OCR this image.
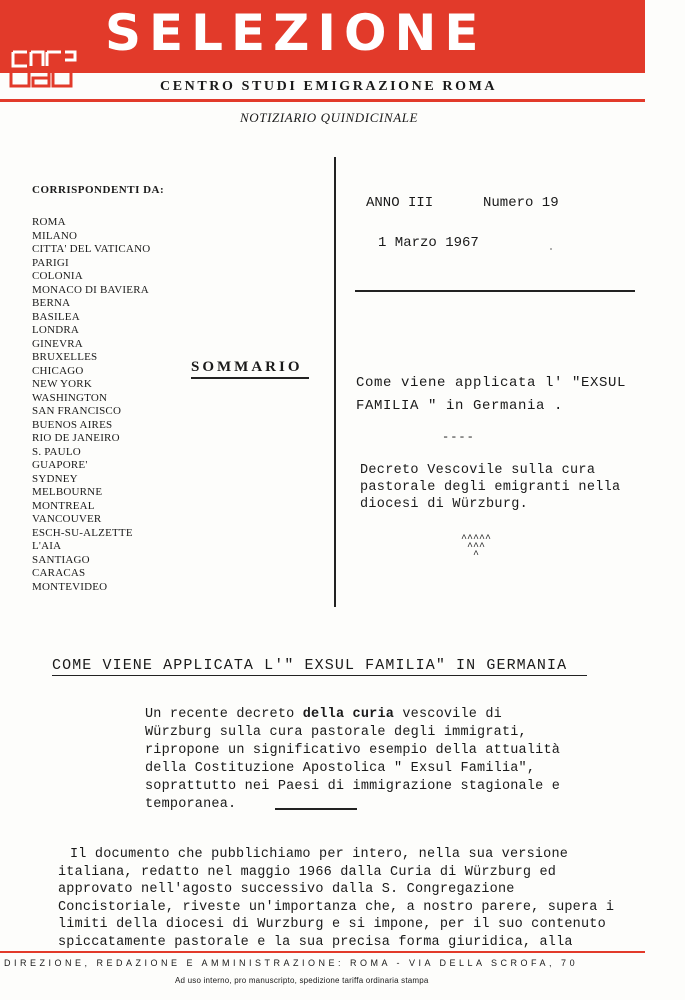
SELEZIONE
CENTRO STUDI EMIGRAZIONE ROMA
NOTIZIARIO QUINDICINALE
CORRISPONDENTI DA:
ROMA
MILANO
CITTA' DEL VATICANO
PARIGI
COLONIA
MONACO DI BAVIERA
BERNA
BASILEA
LONDRA
GINEVRA
BRUXELLES
CHICAGO
NEW YORK
WASHINGTON
SAN FRANCISCO
BUENOS AIRES
RIO DE JANEIRO
S. PAULO
GUAPORE'
SYDNEY
MELBOURNE
MONTREAL
VANCOUVER
ESCH-SU-ALZETTE
L'AIA
SANTIAGO
CARACAS
MONTEVIDEO
ANNO III	Numero 19
1 Marzo 1967
SOMMARIO
Come viene applicata l' "EXSUL FAMILIA " in Germania .
----
Decreto Vescovile sulla cura pastorale degli emigranti nella diocesi di Würzburg.
^^^^^
^^^
^
COME VIENE APPLICATA L'" EXSUL FAMILIA" IN GERMANIA
Un recente decreto della curia vescovile di Würzburg sulla cura pastorale degli immigrati, ripropone un significativo esempio della attualità della Costituzione Apostolica " Exsul Familia", soprattutto nei Paesi di immigrazione stagionale e temporanea.
Il documento che pubblichiamo per intero, nella sua versione italiana, redatto nel maggio 1966 dalla Curia di Würzburg ed approvato nell'agosto successivo dalla S. Congregazione Concistoriale, riveste un'importanza che, a nostro parere, supera i limiti della diocesi di Wurzburg e si impone, per il suo contenuto spiccatamente pastorale e la sua precisa forma giuridica, alla
DIREZIONE, REDAZIONE E AMMINISTRAZIONE: ROMA - VIA DELLA SCROFA, 70
Ad uso interno, pro manuscripto, spedizione tariffa ordinaria stampa
